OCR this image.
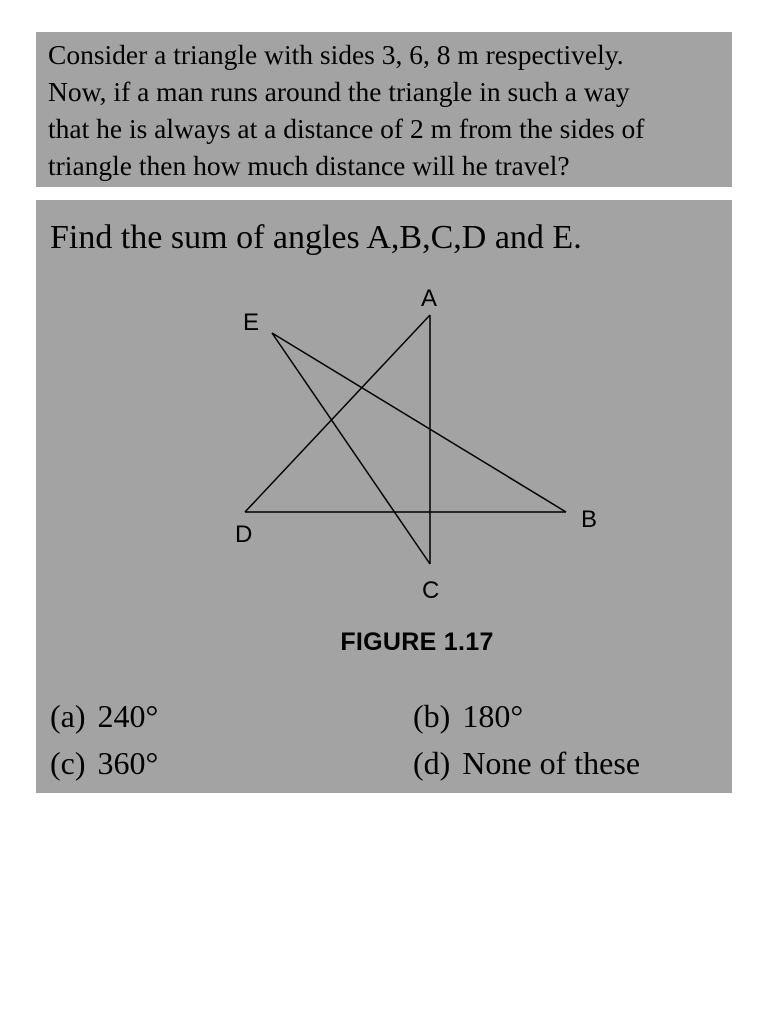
Consider a triangle with sides 3, 6, 8 m respectively.
Now, if a man runs around the triangle in such a way
that he is always at a distance of 2 m from the sides of
triangle then how much distance will he travel?
Find the sum of angles A,B,C,D and E.
A
E
D
B
C
FIGURE 1.17
(a) 240°	(b) 180°
(c) 360°	(d) None of these
